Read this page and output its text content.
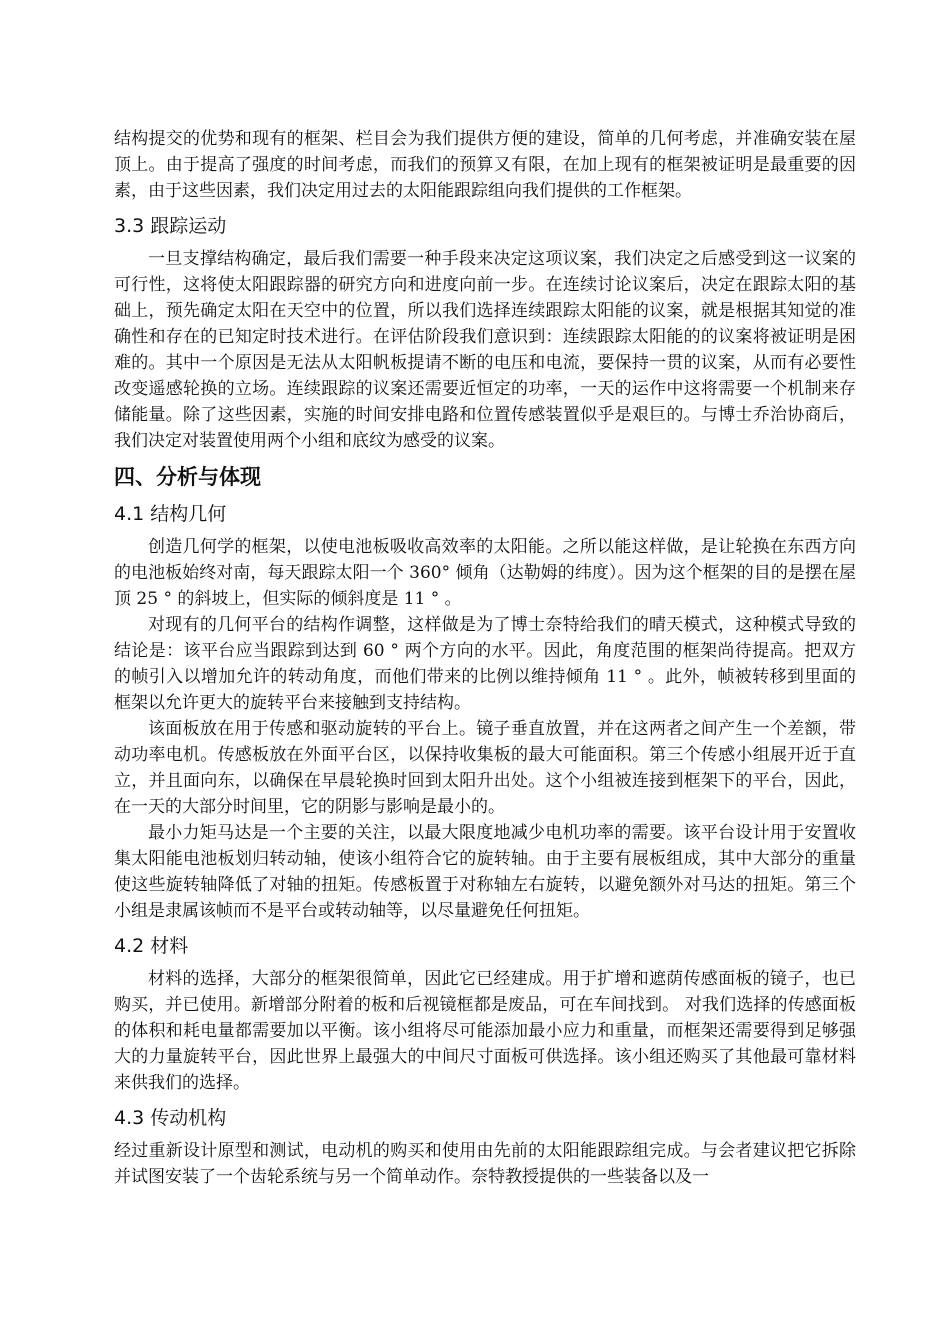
结构提交的优势和现有的框架、栏目会为我们提供方便的建设，简单的几何考虑，并准确安装在屋顶上。由于提高了强度的时间考虑，而我们的预算又有限，在加上现有的框架被证明是最重要的因素，由于这些因素，我们决定用过去的太阳能跟踪组向我们提供的工作框架。

3.3 跟踪运动

一旦支撑结构确定，最后我们需要一种手段来决定这项议案，我们决定之后感受到这一议案的可行性，这将使太阳跟踪器的研究方向和进度向前一步。在连续讨论议案后，决定在跟踪太阳的基础上，预先确定太阳在天空中的位置，所以我们选择连续跟踪太阳能的议案，就是根据其知觉的准确性和存在的已知定时技术进行。在评估阶段我们意识到：连续跟踪太阳能的的议案将被证明是困难的。其中一个原因是无法从太阳帆板提请不断的电压和电流，要保持一贯的议案，从而有必要性改变遥感轮换的立场。连续跟踪的议案还需要近恒定的功率，一天的运作中这将需要一个机制来存储能量。除了这些因素，实施的时间安排电路和位置传感装置似乎是艰巨的。与博士乔治协商后，我们决定对装置使用两个小组和底纹为感受的议案。

四、分析与体现
4.1 结构几何

创造几何学的框架，以使电池板吸收高效率的太阳能。之所以能这样做，是让轮换在东西方向的电池板始终对南，每天跟踪太阳一个 360° 倾角（达勒姆的纬度）。因为这个框架的目的是摆在屋顶 25 ° 的斜坡上，但实际的倾斜度是 11 ° 。

对现有的几何平台的结构作调整，这样做是为了博士奈特给我们的晴天模式，这种模式导致的结论是：该平台应当跟踪到达到 60 ° 两个方向的水平。因此，角度范围的框架尚待提高。把双方的帧引入以增加允许的转动角度，而他们带来的比例以维持倾角 11 ° 。此外，帧被转移到里面的框架以允许更大的旋转平台来接触到支持结构。

该面板放在用于传感和驱动旋转的平台上。镜子垂直放置，并在这两者之间产生一个差额，带动功率电机。传感板放在外面平台区，以保持收集板的最大可能面积。第三个传感小组展开近于直立，并且面向东，以确保在早晨轮换时回到太阳升出处。这个小组被连接到框架下的平台，因此，在一天的大部分时间里，它的阴影与影响是最小的。

最小力矩马达是一个主要的关注，以最大限度地减少电机功率的需要。该平台设计用于安置收集太阳能电池板划归转动轴，使该小组符合它的旋转轴。由于主要有展板组成，其中大部分的重量使这些旋转轴降低了对轴的扭矩。传感板置于对称轴左右旋转，以避免额外对马达的扭矩。第三个小组是隶属该帧而不是平台或转动轴等，以尽量避免任何扭矩。

4.2 材料

材料的选择，大部分的框架很简单，因此它已经建成。用于扩增和遮荫传感面板的镜子，也已购买，并已使用。新增部分附着的板和后视镜框都是废品，可在车间找到。 对我们选择的传感面板的体积和耗电量都需要加以平衡。该小组将尽可能添加最小应力和重量，而框架还需要得到足够强大的力量旋转平台，因此世界上最强大的中间尺寸面板可供选择。该小组还购买了其他最可靠材料来供我们的选择。

4.3 传动机构

经过重新设计原型和测试，电动机的购买和使用由先前的太阳能跟踪组完成。与会者建议把它拆除并试图安装了一个齿轮系统与另一个简单动作。奈特教授提供的一些装备以及一
